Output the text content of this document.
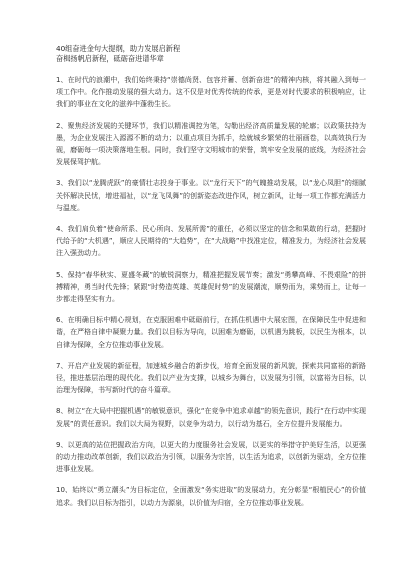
40组奋进金句大提纲，助力发展启新程

奋楫扬帆启新程，砥砺奋进谱华章

1、在时代的浪潮中，我们始终秉持“崇德尚贤、包容并蓄、创新奋进”的精神内核，将其融入到每一项工作中。化作推动发展的强大动力。这不仅是对优秀传统的传承，更是对时代要求的积极响应，让我们的事业在文化的滋养中蓬勃生长。
2、聚焦经济发展的关键环节，我们以精准调控为笔，勾勒出经济高质量发展的轮廓；以政策扶持为墨，为企业发展注入源源不断的动力；以重点项目为抓手，绘就城乡繁荣的壮丽画卷，以高效执行为砚，磨砺每一项决策落地生根。同时，我们坚守文明城市的荣誉，筑牢安全发展的底线，为经济社会发展保驾护航。
3、我们以“龙腾虎跃”的豪情壮志投身于事业。以“龙行天下”的气魄推动发展，以“龙心凤胆”的细腻关怀解决民忧，增进福祉，以“龙飞凤舞”的创新姿态改进作风，树立新风，让每一项工作都充满活力与温度。
4、我们肩负着“使命所系、民心所向、发展所需”的重任，必须以坚定的信念和果敢的行动，把握时代给予的“大机遇”，顺应人民期待的“大趋势”，在“大战略”中找准定位，精准发力，为经济社会发展注入强劲动力。
5、保持“春华秋实、夏盛冬藏”的敏锐洞察力，精准把握发展节奏；激发“勇攀高峰、不畏艰险”的拼搏精神，勇当时代先锋；紧跟“时势造英雄、英雄促时势”的发展潮流，顺势而为，乘势而上，让每一步都走得坚实有力。
6、在明确目标中精心规划，在克服困难中砥砺前行，在抓住机遇中大展宏图，在保障民生中促进和谐，在严格自律中凝聚力量。我们以目标为导向，以困难为磨砺，以机遇为跳板，以民生为根本，以自律为保障，全方位推动事业发展。
7、开启产业发展的新征程，加速城乡融合的新步伐，培育全面发展的新风貌，探索共同富裕的新路径，推进基层治理的现代化。我们以产业为支撑，以城乡为舞台，以发展为引领，以富裕为目标，以治理为保障，书写新时代的奋斗篇章。
8、树立“在大局中把握机遇”的敏锐意识，强化“在竞争中追求卓越”的领先意识，践行“在行动中实现发展”的责任意识。我们以大局为视野，以竞争为动力，以行动为基石，全方位提升发展能力。
9、以更高的站位把握政治方向，以更大的力度服务社会发展，以更实的举措守护美好生活，以更强的动力推动改革创新，我们以政治为引领，以服务为宗旨，以生活为追求，以创新为驱动，全方位推进事业发展。
10、始终以“勇立潮头”为目标定位，全面激发“务实进取”的发展动力，充分彰显“根植民心”的价值追求。我们以目标为指引，以动力为源泉，以价值为归宿，全方位推动事业发展。
